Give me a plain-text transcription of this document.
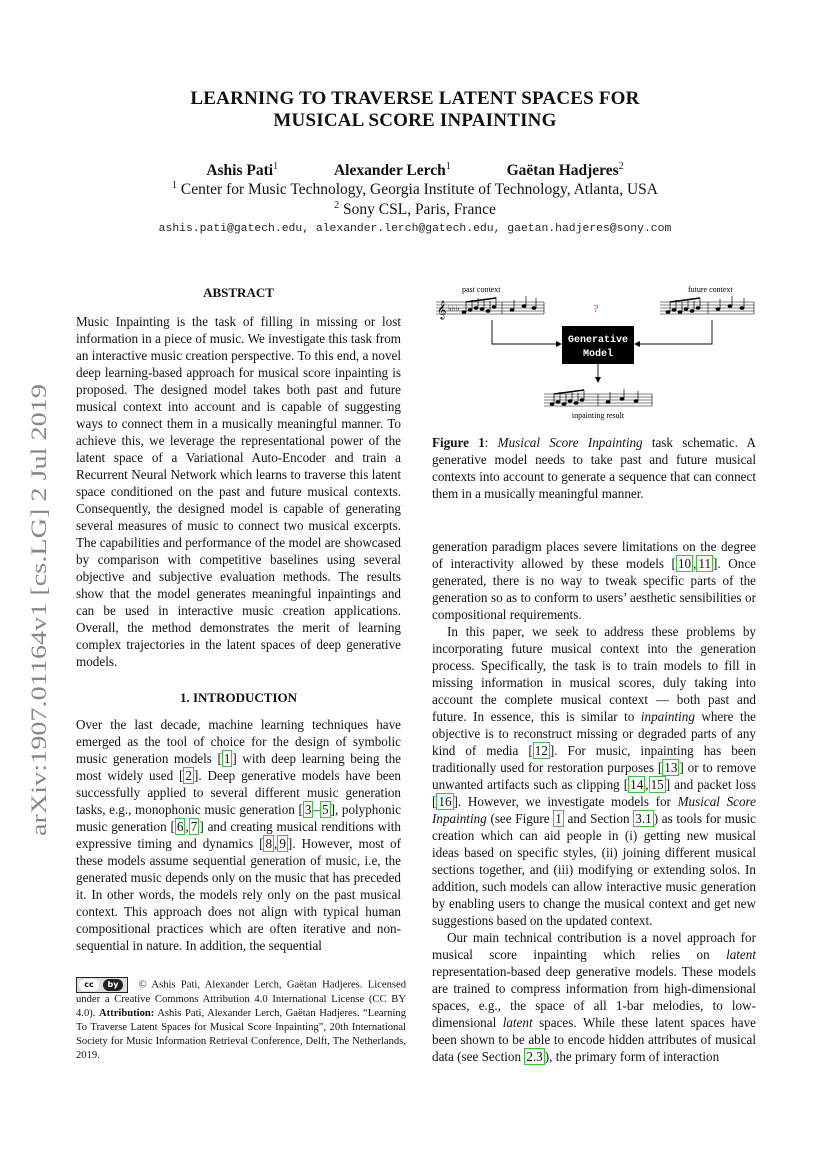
arXiv:1907.01164v1 [cs.LG] 2 Jul 2019
LEARNING TO TRAVERSE LATENT SPACES FOR
MUSICAL SCORE INPAINTING
Ashis Pati$^1$	Alexander Lerch$^1$	Gaëtan Hadjeres$^2$
$^1$ Center for Music Technology, Georgia Institute of Technology, Atlanta, USA
$^2$ Sony CSL, Paris, France
ashis.pati@gatech.edu, alexander.lerch@gatech.edu, gaetan.hadjeres@sony.com

ABSTRACT

Music Inpainting is the task of filling in missing or lost information in a piece of music. We investigate this task from an interactive music creation perspective. To this end, a novel deep learning-based approach for musical score inpainting is proposed. The designed model takes both past and future musical context into account and is capable of suggesting ways to connect them in a musically meaningful manner. To achieve this, we leverage the representational power of the latent space of a Variational Auto-Encoder and train a Recurrent Neural Network which learns to traverse this latent space conditioned on the past and future musical contexts. Consequently, the designed model is capable of generating several measures of music to connect two musical excerpts. The capabilities and performance of the model are showcased by comparison with competitive baselines using several objective and subjective evaluation methods. The results show that the model generates meaningful inpaintings and can be used in interactive music creation applications. Overall, the method demonstrates the merit of learning complex trajectories in the latent spaces of deep generative models.

1. INTRODUCTION

Over the last decade, machine learning techniques have emerged as the tool of choice for the design of symbolic music generation models [ 1 ] with deep learning being the most widely used [ 2 ]. Deep generative models have been successfully applied to several different music generation tasks, e.g., monophonic music generation [ 3 – 5 ], polyphonic music generation [ 6 , 7 ] and creating musical renditions with expressive timing and dynamics [ 8 , 9 ]. However, most of these models assume sequential generation of music, i.e, the generated music depends only on the music that has preceded it. In other words, the models rely only on the past musical context. This approach does not align with typical human compositional practices which are often iterative and non-sequential in nature. In addition, the sequential

cc	by	© Ashis Pati, Alexander Lerch, Gaëtan Hadjeres. Licensed under a Creative Commons Attribution 4.0 International License (CC BY 4.0). Attribution: Ashis Pati, Alexander Lerch, Gaëtan Hadjeres. “Learning To Traverse Latent Spaces for Musical Score Inpainting”, 20th International Society for Music Information Retrieval Conference, Delft, The Netherlands, 2019.
past context	future context
?
𝄞 ♭♭♭
Generative
Model
inpainting result
Figure 1: Musical Score Inpainting task schematic. A generative model needs to take past and future musical contexts into account to generate a sequence that can connect them in a musically meaningful manner.

generation paradigm places severe limitations on the degree of interactivity allowed by these models [ 10 , 11 ]. Once generated, there is no way to tweak specific parts of the generation so as to conform to users’ aesthetic sensibilities or compositional requirements.

In this paper, we seek to address these problems by incorporating future musical context into the generation process. Specifically, the task is to train models to fill in missing information in musical scores, duly taking into account the complete musical context — both past and future. In essence, this is similar to inpainting where the objective is to reconstruct missing or degraded parts of any kind of media [ 12 ]. For music, inpainting has been traditionally used for restoration purposes [ 13 ] or to remove unwanted artifacts such as clipping [ 14 , 15 ] and packet loss [ 16 ]. However, we investigate models for Musical Score Inpainting (see Figure 1 and Section 3.1 ) as tools for music creation which can aid people in (i) getting new musical ideas based on specific styles, (ii) joining different musical sections together, and (iii) modifying or extending solos. In addition, such models can allow interactive music generation by enabling users to change the musical context and get new suggestions based on the updated context.

Our main technical contribution is a novel approach for musical score inpainting which relies on latent representation-based deep generative models. These models are trained to compress information from high-dimensional spaces, e.g., the space of all 1-bar melodies, to low-dimensional latent spaces. While these latent spaces have been shown to be able to encode hidden attributes of musical data (see Section 2.3 ), the primary form of interaction
